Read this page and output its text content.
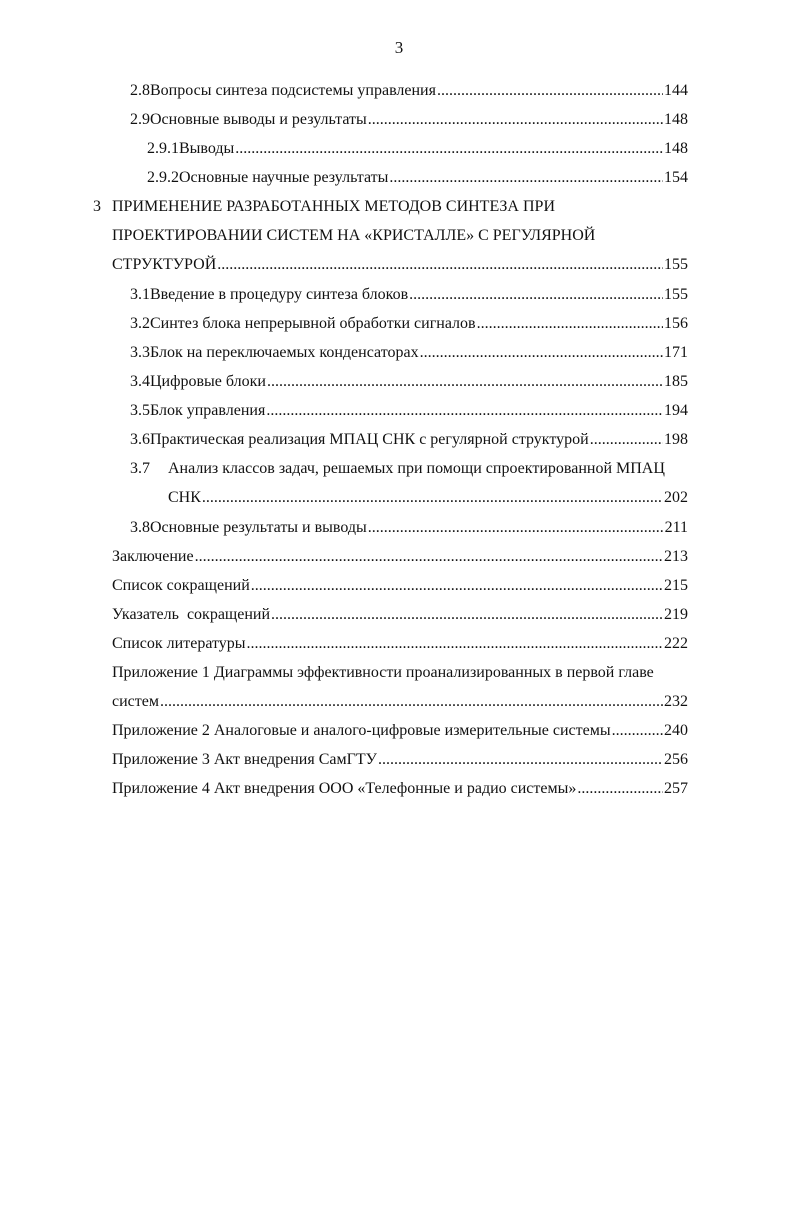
3
2.8 Вопросы синтеза подсистемы управления .....	144
2.9 Основные выводы и результаты .....	148
2.9.1 Выводы .....	148
2.9.2 Основные научные результаты .....	154
3 ПРИМЕНЕНИЕ РАЗРАБОТАННЫХ МЕТОДОВ СИНТЕЗА ПРИ
ПРОЕКТИРОВАНИИ СИСТЕМ НА «КРИСТАЛЛЕ» С РЕГУЛЯРНОЙ
СТРУКТУРОЙ .....	155
3.1 Введение в процедуру синтеза блоков .....	155
3.2 Синтез блока непрерывной обработки сигналов .....	156
3.3 Блок на переключаемых конденсаторах .....	171
3.4 Цифровые блоки .....	185
3.5 Блок управления .....	194
3.6 Практическая реализация МПАЦ СНК с регулярной структурой .....	198
3.7 Анализ классов задач, решаемых при помощи спроектированной МПАЦ
СНК .....	202
3.8 Основные результаты и выводы .....	211
Заключение .....	213
Список сокращений .....	215
Указатель  сокращений .....	219
Список литературы .....	222
Приложение 1 Диаграммы эффективности проанализированных в первой главе
систем .....	232
Приложение 2 Аналоговые и аналого-цифровые измерительные системы .....	240
Приложение 3 Акт внедрения СамГТУ .....	256
Приложение 4 Акт внедрения ООО «Телефонные и радио системы» .....	257
